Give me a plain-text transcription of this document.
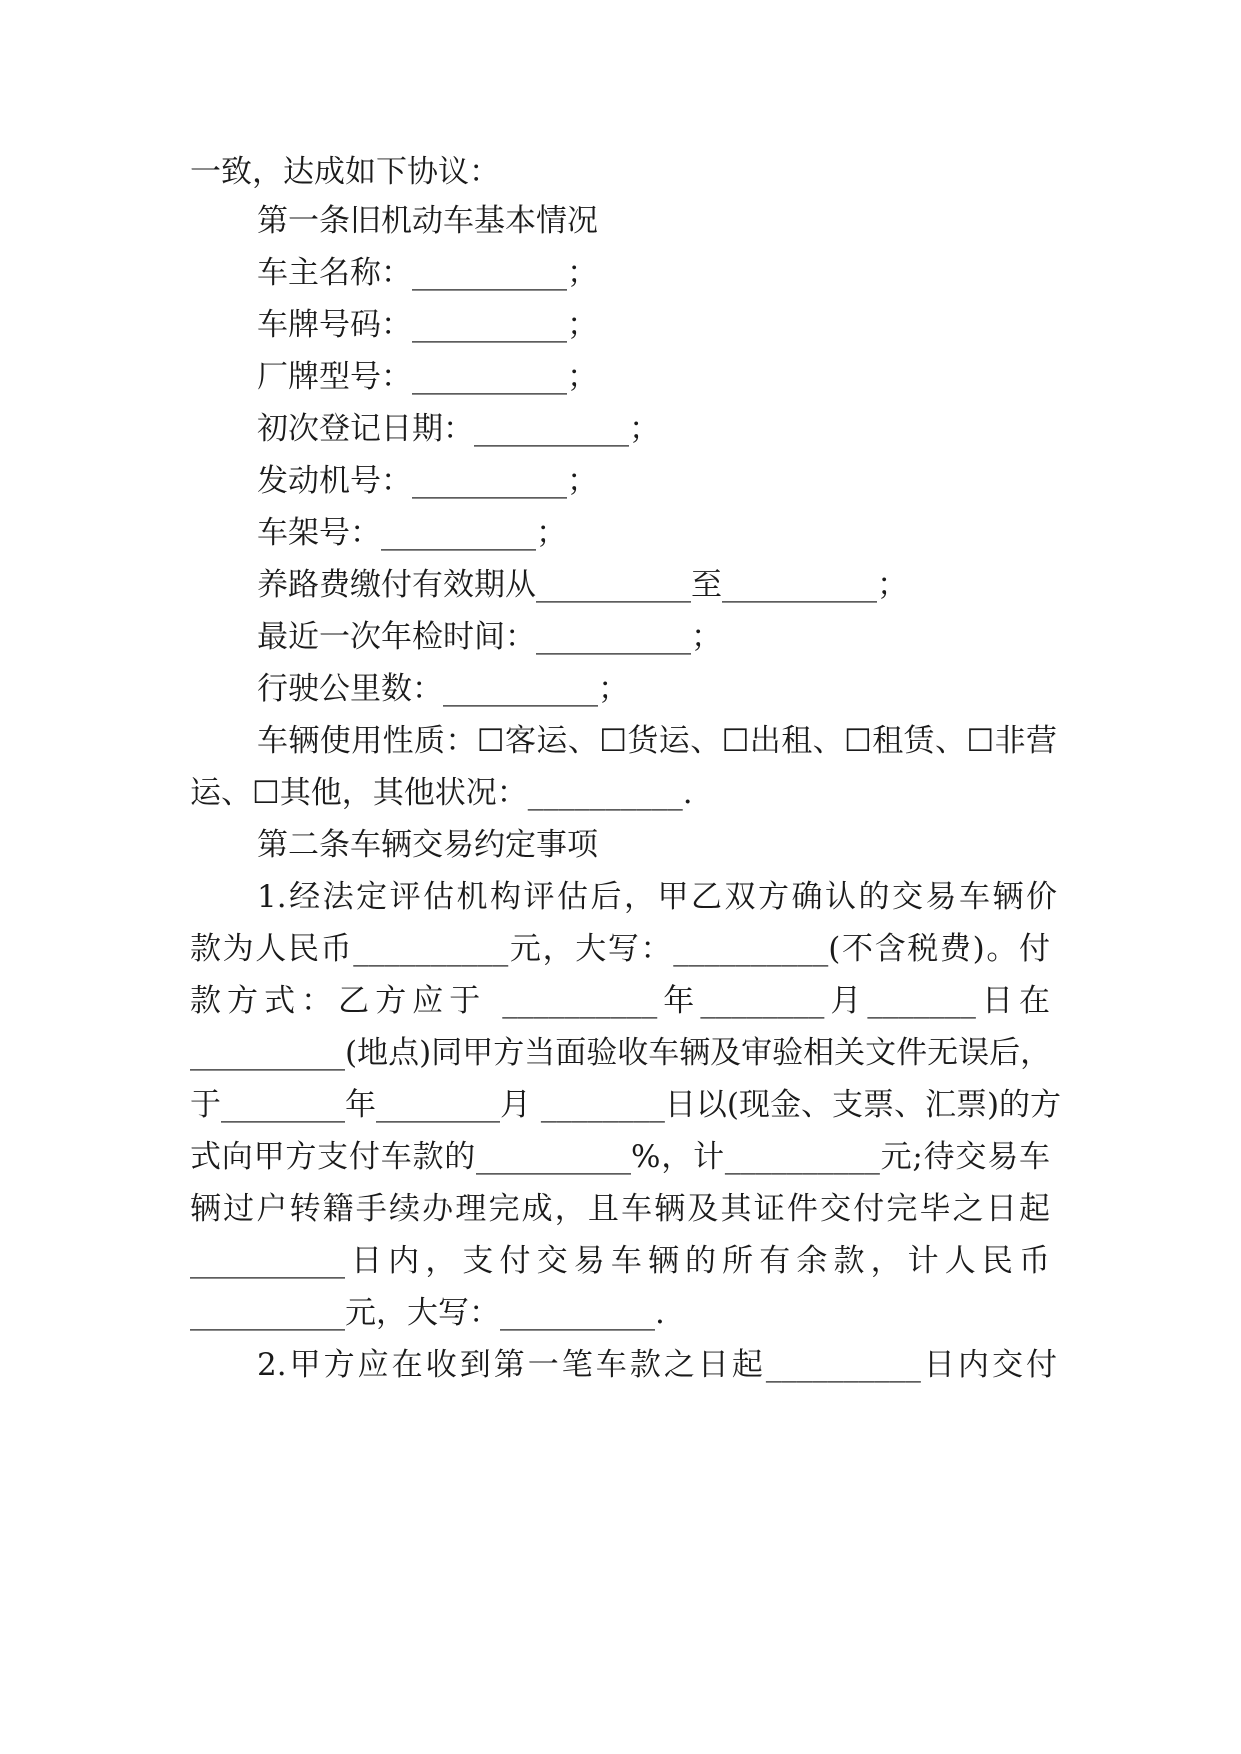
一致，达成如下协议：
第一条旧机动车基本情况
车主名称：__________；
车牌号码：__________；
厂牌型号：__________；
初次登记日期：__________；
发动机号：__________；
车架号：__________；
养路费缴付有效期从__________至__________；
最近一次年检时间：__________；
行驶公里数：__________；
车辆使用性质：☐客运、☐货运、☐出租、☐租赁、☐非营
运、☐其他，其他状况：__________.
第二条车辆交易约定事项
1.经法定评估机构评估后，甲乙双方确认的交易车辆价
款为人民币__________元，大写：__________(不含税费)。付
款方式：乙方应于 __________年________月_______日在
__________(地点)同甲方当面验收车辆及审验相关文件无误后，
于________年________月 ________日以(现金、支票、汇票)的方
式向甲方支付车款的__________%，计__________元;待交易车
辆过户转籍手续办理完成，且车辆及其证件交付完毕之日起
__________日内，支付交易车辆的所有余款，计人民币
__________元，大写：__________.
2.甲方应在收到第一笔车款之日起__________日内交付
